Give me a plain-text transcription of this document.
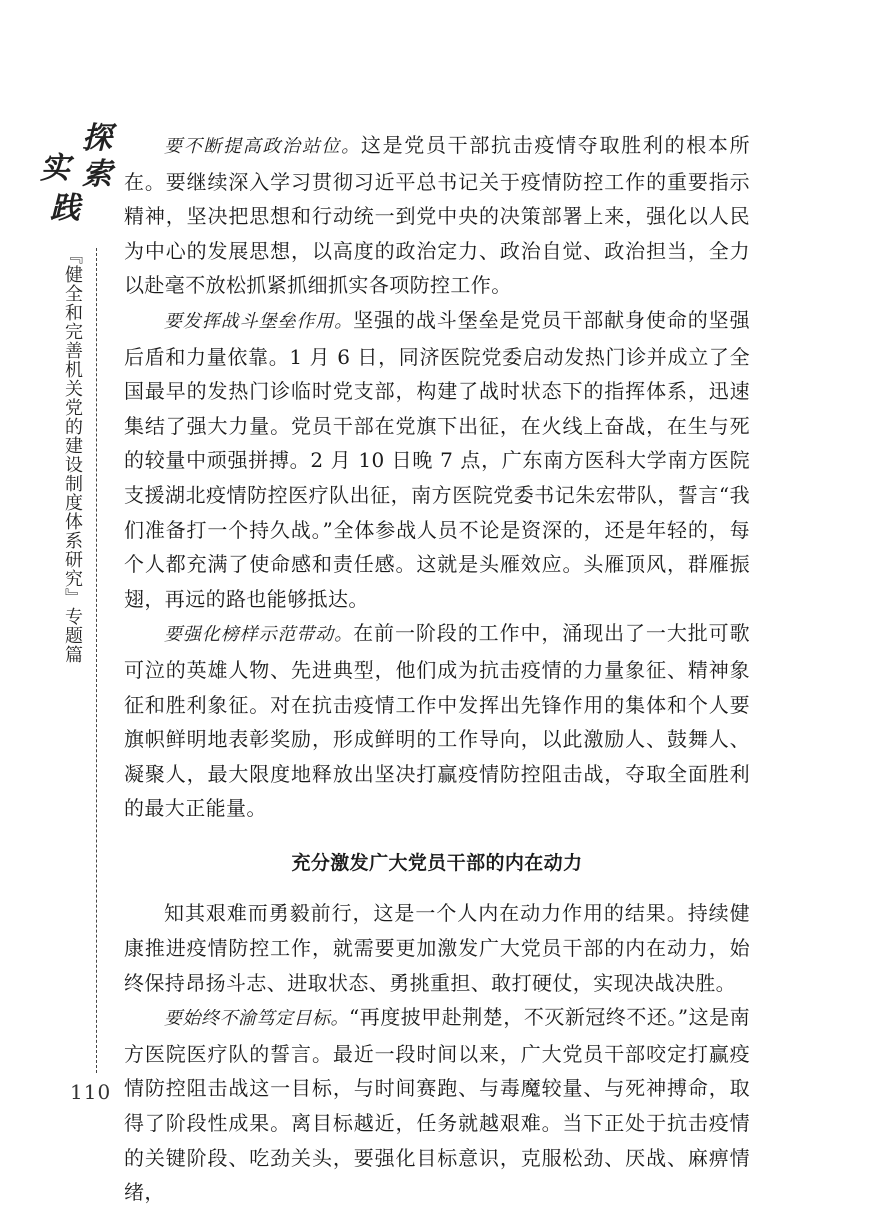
探
实 索
践
『健全和完善机关党的建设制度体系研究』专题篇
110

要不断提高政治站位。这是党员干部抗击疫情夺取胜利的根本所在。要继续深入学习贯彻习近平总书记关于疫情防控工作的重要指示精神，坚决把思想和行动统一到党中央的决策部署上来，强化以人民为中心的发展思想，以高度的政治定力、政治自觉、政治担当，全力以赴毫不放松抓紧抓细抓实各项防控工作。

要发挥战斗堡垒作用。坚强的战斗堡垒是党员干部献身使命的坚强后盾和力量依靠。1 月 6 日，同济医院党委启动发热门诊并成立了全国最早的发热门诊临时党支部，构建了战时状态下的指挥体系，迅速集结了强大力量。党员干部在党旗下出征，在火线上奋战，在生与死的较量中顽强拼搏。2 月 10 日晚 7 点，广东南方医科大学南方医院支援湖北疫情防控医疗队出征，南方医院党委书记朱宏带队，誓言“我们准备打一个持久战。”全体参战人员不论是资深的，还是年轻的，每个人都充满了使命感和责任感。这就是头雁效应。头雁顶风，群雁振翅，再远的路也能够抵达。

要强化榜样示范带动。在前一阶段的工作中，涌现出了一大批可歌可泣的英雄人物、先进典型，他们成为抗击疫情的力量象征、精神象征和胜利象征。对在抗击疫情工作中发挥出先锋作用的集体和个人要旗帜鲜明地表彰奖励，形成鲜明的工作导向，以此激励人、鼓舞人、凝聚人，最大限度地释放出坚决打赢疫情防控阻击战，夺取全面胜利的最大正能量。

充分激发广大党员干部的内在动力

知其艰难而勇毅前行，这是一个人内在动力作用的结果。持续健康推进疫情防控工作，就需要更加激发广大党员干部的内在动力，始终保持昂扬斗志、进取状态、勇挑重担、敢打硬仗，实现决战决胜。

要始终不渝笃定目标。“再度披甲赴荆楚，不灭新冠终不还。”这是南方医院医疗队的誓言。最近一段时间以来，广大党员干部咬定打赢疫情防控阻击战这一目标，与时间赛跑、与毒魔较量、与死神搏命，取得了阶段性成果。离目标越近，任务就越艰难。当下正处于抗击疫情的关键阶段、吃劲关头，要强化目标意识，克服松劲、厌战、麻痹情绪，
